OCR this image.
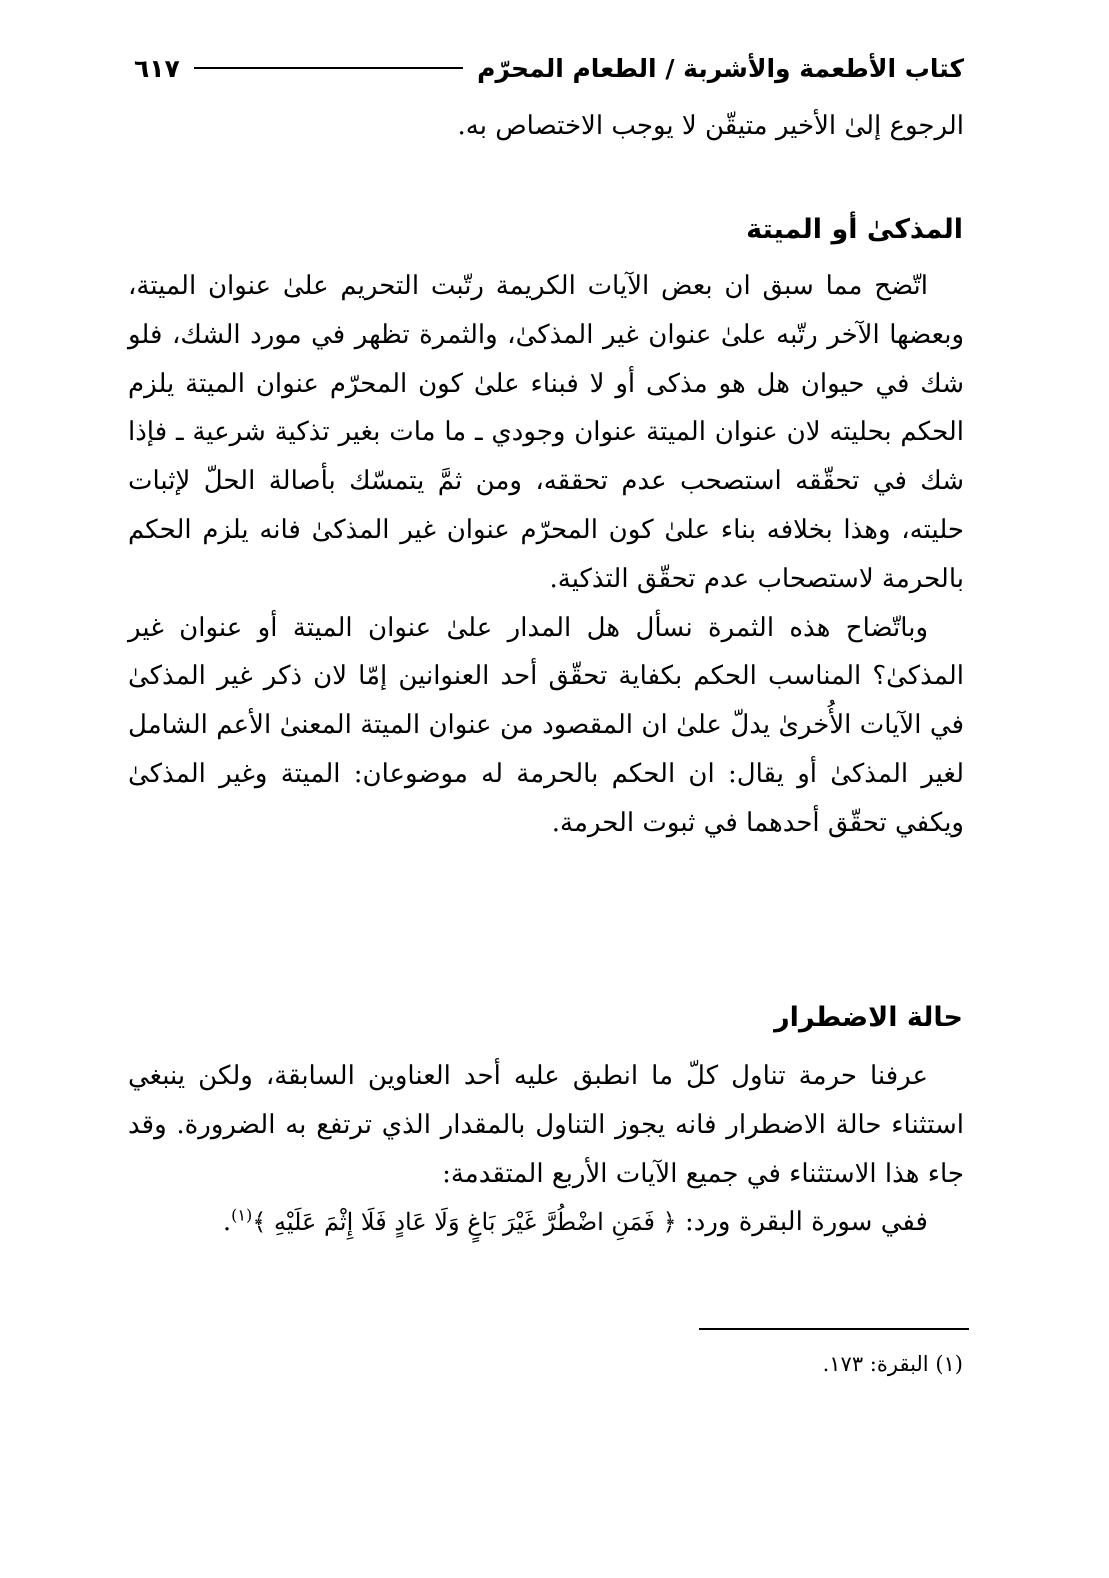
كتاب الأطعمة والأشربة / الطعام المحرّم
٦١٧

الرجوع إلىٰ الأخير متيقّن لا يوجب الاختصاص به.

المذكىٰ أو الميتة

اتّضح مما سبق ان بعض الآيات الكريمة رتّبت التحريم علىٰ عنوان الميتة، وبعضها الآخر رتّبه علىٰ عنوان غير المذكىٰ، والثمرة تظهر في مورد الشك، فلو شك في حيوان هل هو مذكى أو لا فبناء علىٰ كون المحرّم عنوان الميتة يلزم الحكم بحليته لان عنوان الميتة عنوان وجودي ـ ما مات بغير تذكية شرعية ـ فإذا شك في تحقّقه استصحب عدم تحققه، ومن ثمَّ يتمسّك بأصالة الحلّ لإثبات حليته، وهذا بخلافه بناء علىٰ كون المحرّم عنوان غير المذكىٰ فانه يلزم الحكم بالحرمة لاستصحاب عدم تحقّق التذكية.

وباتّضاح هذه الثمرة نسأل هل المدار علىٰ عنوان الميتة أو عنوان غير المذكىٰ؟ المناسب الحكم بكفاية تحقّق أحد العنوانين إمّا لان ذكر غير المذكىٰ في الآيات الأُخرىٰ يدلّ علىٰ ان المقصود من عنوان الميتة المعنىٰ الأعم الشامل لغير المذكىٰ أو يقال: ان الحكم بالحرمة له موضوعان: الميتة وغير المذكىٰ ويكفي تحقّق أحدهما في ثبوت الحرمة.

حالة الاضطرار

عرفنا حرمة تناول كلّ ما انطبق عليه أحد العناوين السابقة، ولكن ينبغي استثناء حالة الاضطرار فانه يجوز التناول بالمقدار الذي ترتفع به الضرورة. وقد جاء هذا الاستثناء في جميع الآيات الأربع المتقدمة:

ففي سورة البقرة ورد: ﴿ فَمَنِ اضْطُرَّ غَيْرَ بَاغٍ وَلَا عَادٍ فَلَا إِثْمَ عَلَيْهِ ﴾$^{(١)}$.

(١) البقرة: ١٧٣.
